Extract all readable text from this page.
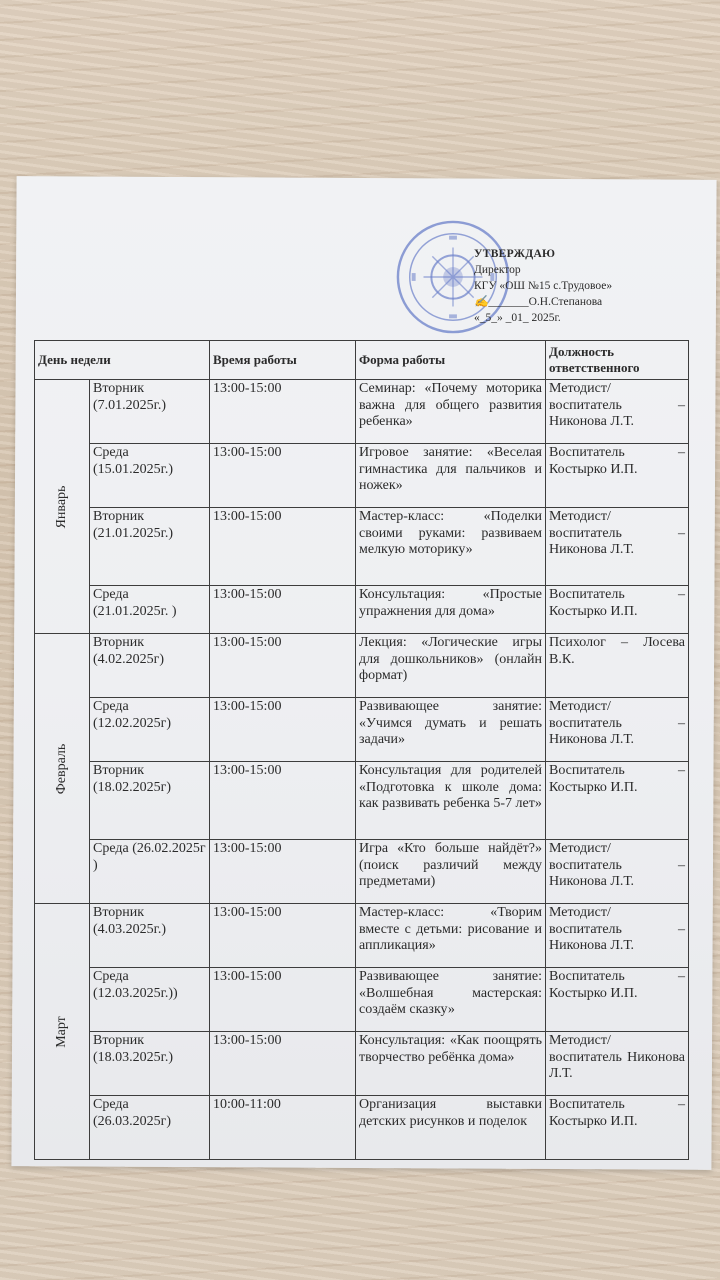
УТВЕРЖДАЮ
Директор
КГУ «ОШ №15 с.Трудовое»
✍_______О.Н.Степанова
«_5_» _01_ 2025г.
День недели		Время работы	Форма работы	Должность ответственного

Январь	Вторник (7.01.2025г.)	13:00-15:00	Семинар: «Почему моторика важна для общего развития ребенка»	Методист/ воспитатель – Никонова Л.Т.
	Среда (15.01.2025г.)	13:00-15:00	Игровое занятие: «Веселая гимнастика для пальчиков и ножек»	Воспитатель – Костырко И.П.
	Вторник (21.01.2025г.)	13:00-15:00	Мастер-класс: «Поделки своими руками: развиваем мелкую моторику»	Методист/ воспитатель – Никонова Л.Т.
	Среда (21.01.2025г. )	13:00-15:00	Консультация: «Простые упражнения для дома»	Воспитатель – Костырко И.П.

Февраль	Вторник (4.02.2025г)	13:00-15:00	Лекция: «Логические игры для дошкольников» (онлайн формат)	Психолог – Лосева В.К.
	Среда (12.02.2025г)	13:00-15:00	Развивающее занятие: «Учимся думать и решать задачи»	Методист/ воспитатель – Никонова Л.Т.
	Вторник (18.02.2025г)	13:00-15:00	Консультация для родителей «Подготовка к школе дома: как развивать ребенка 5-7 лет»	Воспитатель – Костырко И.П.
	Среда (26.02.2025г )	13:00-15:00	Игра «Кто больше найдёт?» (поиск различий между предметами)	Методист/ воспитатель – Никонова Л.Т.

Март	Вторник (4.03.2025г.)	13:00-15:00	Мастер-класс: «Творим вместе с детьми: рисование и аппликация»	Методист/ воспитатель – Никонова Л.Т.
	Среда (12.03.2025г.))	13:00-15:00	Развивающее занятие: «Волшебная мастерская: создаём сказку»	Воспитатель – Костырко И.П.
	Вторник (18.03.2025г.)	13:00-15:00	Консультация: «Как поощрять творчество ребёнка дома»	Методист/ воспитатель Никонова Л.Т.
	Среда (26.03.2025г)	10:00-11:00	Организация выставки детских рисунков и поделок	Воспитатель – Костырко И.П.
